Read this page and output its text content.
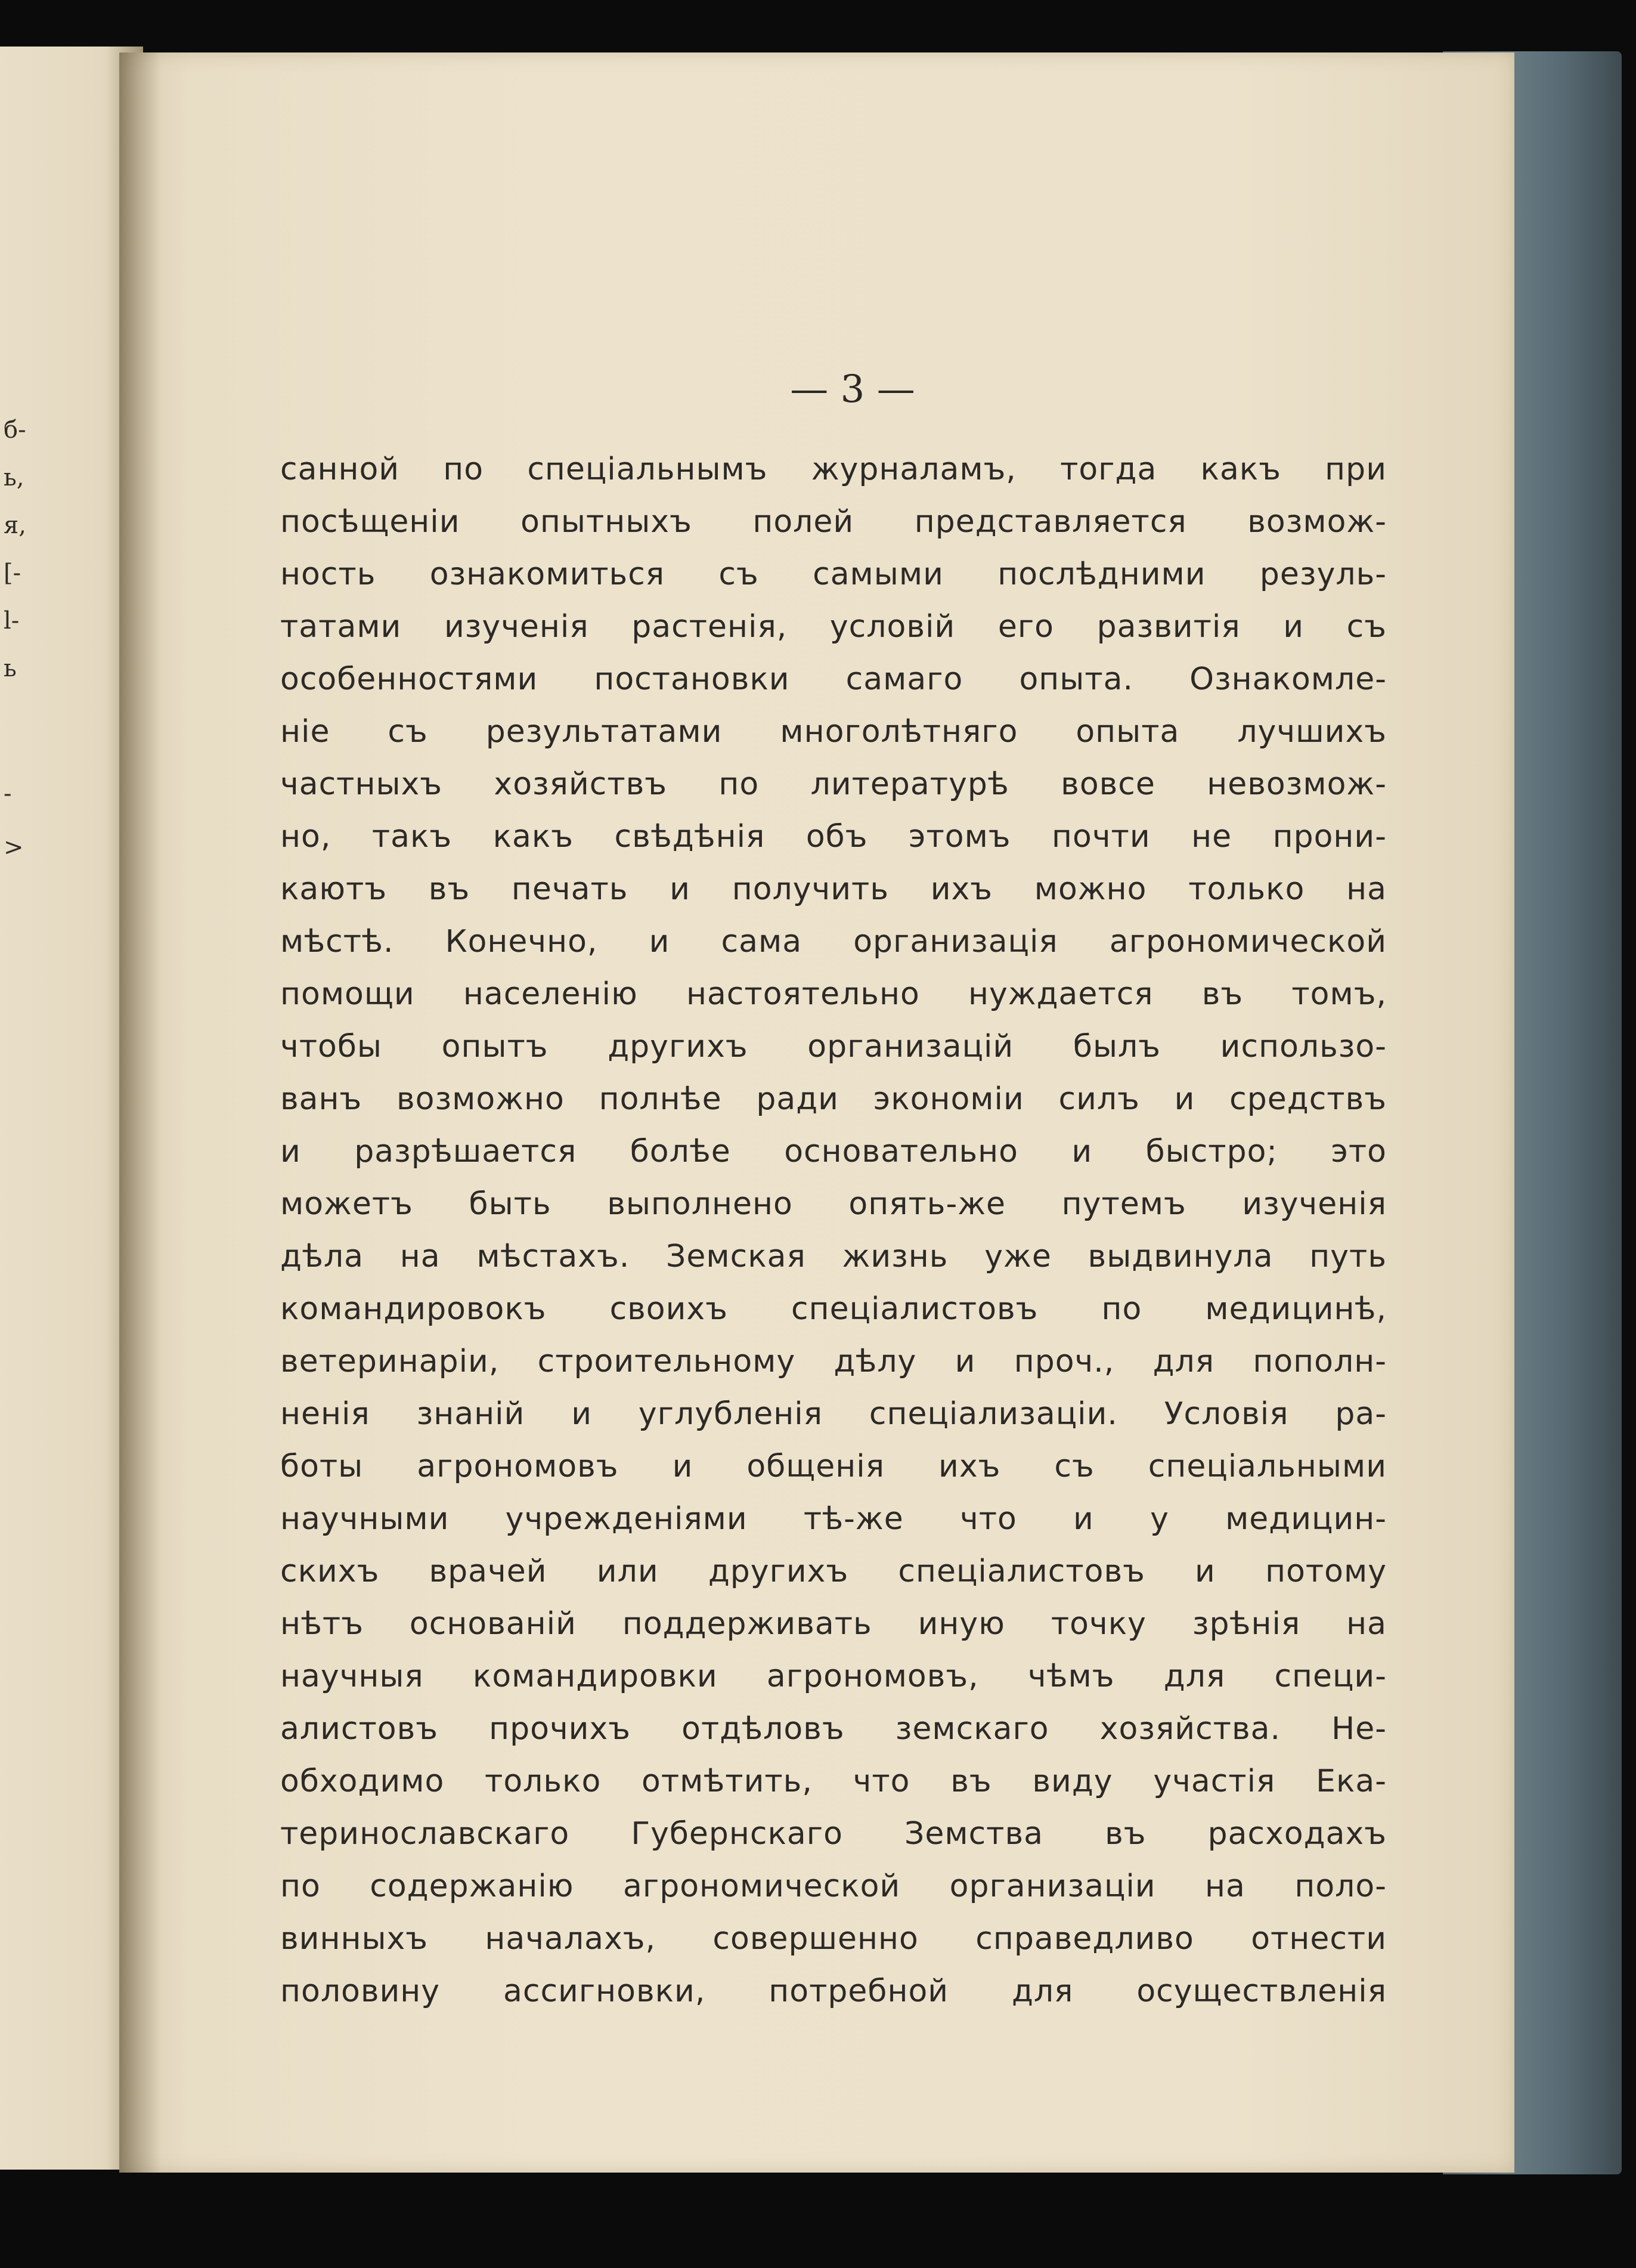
б-
ь,
я,
[-
l-
ь
-
>
— 3 —
санной по спеціальнымъ журналамъ, тогда какъ при
посѣщеніи опытныхъ полей представляется возмож-
ность ознакомиться съ самыми послѣдними резуль-
татами изученія растенія, условій его развитія и съ
особенностями постановки самаго опыта. Ознакомле-
ніе съ результатами многолѣтняго опыта лучшихъ
частныхъ хозяйствъ по литературѣ вовсе невозмож-
но, такъ какъ свѣдѣнія объ этомъ почти не прони-
каютъ въ печать и получить ихъ можно только на
мѣстѣ. Конечно, и сама организація агрономической
помощи населенію настоятельно нуждается въ томъ,
чтобы опытъ другихъ организацій былъ использо-
ванъ возможно полнѣе ради экономіи силъ и средствъ
и разрѣшается болѣе основательно и быстро; это
можетъ быть выполнено опять-же путемъ изученія
дѣла на мѣстахъ. Земская жизнь уже выдвинула путь
командировокъ своихъ спеціалистовъ по медицинѣ,
ветеринаріи, строительному дѣлу и проч., для пополн-
ненія знаній и углубленія спеціализаціи. Условія ра-
боты агрономовъ и общенія ихъ съ спеціальными
научными учрежденіями тѣ-же что и у медицин-
скихъ врачей или другихъ спеціалистовъ и потому
нѣтъ основаній поддерживать иную точку зрѣнія на
научныя командировки агрономовъ, чѣмъ для специ-
алистовъ прочихъ отдѣловъ земскаго хозяйства. Не-
обходимо только отмѣтить, что въ виду участія Ека-
теринославскаго Губернскаго Земства въ расходахъ
по содержанію агрономической организаціи на поло-
винныхъ началахъ, совершенно справедливо отнести
половину ассигновки, потребной для осуществленія
